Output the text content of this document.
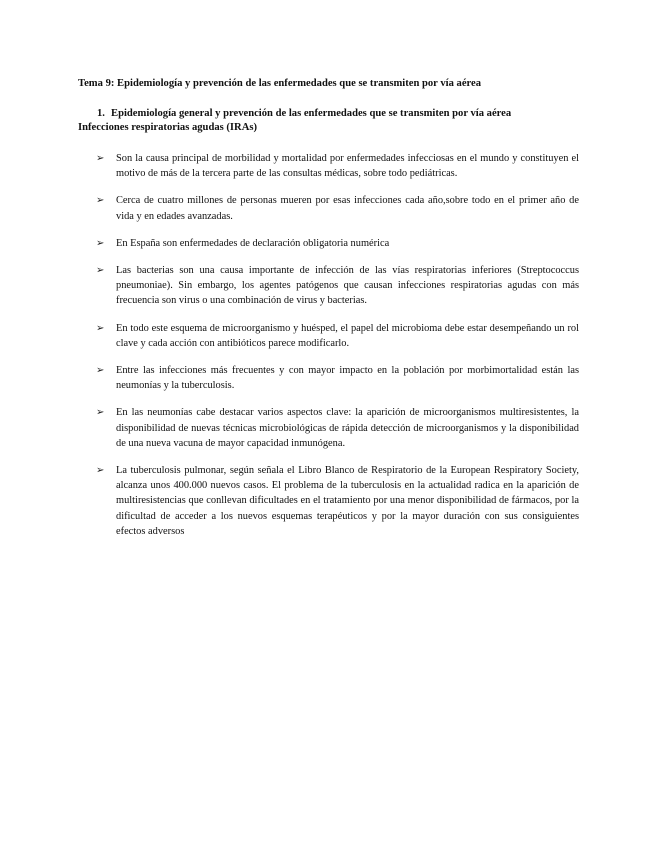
Tema 9: Epidemiología y prevención de las enfermedades que se transmiten por vía aérea
1. Epidemiología general y prevención de las enfermedades que se transmiten por vía aérea
Infecciones respiratorias agudas (IRAs)
➢ Son la causa principal de morbilidad y mortalidad por enfermedades infecciosas en el mundo y constituyen el motivo de más de la tercera parte de las consultas médicas, sobre todo pediátricas.
➢ Cerca de cuatro millones de personas mueren por esas infecciones cada año,sobre todo en el primer año de vida y en edades avanzadas.
➢ En España son enfermedades de declaración obligatoria numérica
➢ Las bacterias son una causa importante de infección de las vías respiratorias inferiores (Streptococcus pneumoniae). Sin embargo, los agentes patógenos que causan infecciones respiratorias agudas con más frecuencia son virus o una combinación de virus y bacterias.
➢ En todo este esquema de microorganismo y huésped, el papel del microbioma debe estar desempeñando un rol clave y cada acción con antibióticos parece modificarlo.
➢ Entre las infecciones más frecuentes y con mayor impacto en la población por morbimortalidad están las neumonías y la tuberculosis.
➢ En las neumonías cabe destacar varios aspectos clave: la aparición de microorganismos multiresistentes, la disponibilidad de nuevas técnicas microbiológicas de rápida detección de microorganismos y la disponibilidad de una nueva vacuna de mayor capacidad inmunógena.
➢ La tuberculosis pulmonar, según señala el Libro Blanco de Respiratorio de la European Respiratory Society, alcanza unos 400.000 nuevos casos. El problema de la tuberculosis en la actualidad radica en la aparición de multiresistencias que conllevan dificultades en el tratamiento por una menor disponibilidad de fármacos, por la dificultad de acceder a los nuevos esquemas terapéuticos y por la mayor duración con sus consiguientes efectos adversos
